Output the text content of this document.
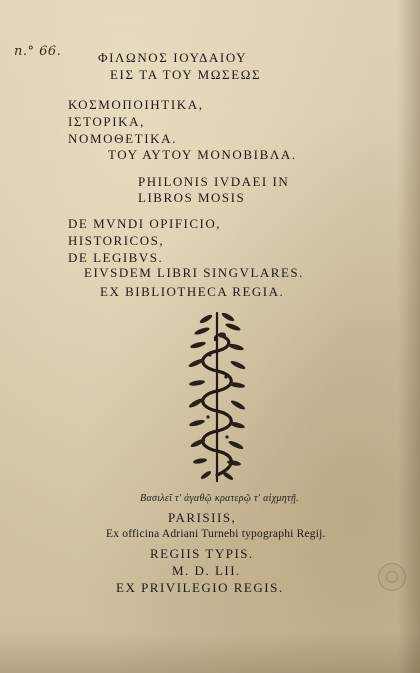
n.° 66.	ΦΙΛΩΝΟΣ ΙΟΥΔΑΙΟΥ
ΕΙΣ ΤΑ ΤΟΥ ΜΩΣΕΩΣ
ΚΟΣΜΟΠΟΙΗΤΙΚΑ,
ΙΣΤΟΡΙΚΑ,
ΝΟΜΟΘΕΤΙΚΑ.
ΤΟΥ ΑΥΤΟΥ ΜΟΝΟΒΙΒΛΑ.
PHILONIS IVDAEI IN
LIBROS MOSIS
DE MVNDI OPIFICIO,
HISTORICOS,
DE LEGIBVS.
EIVSDEM LIBRI SINGVLARES.
EX BIBLIOTHECA REGIA.
Βασιλεῖ τ' ἀγαθῷ κρατερῷ τ' αἰχμητῇ.
PARISIIS,
Ex officina Adriani Turnebi typographi Regij.
REGIIS TYPIS.
M. D. LII.
EX PRIVILEGIO REGIS.
